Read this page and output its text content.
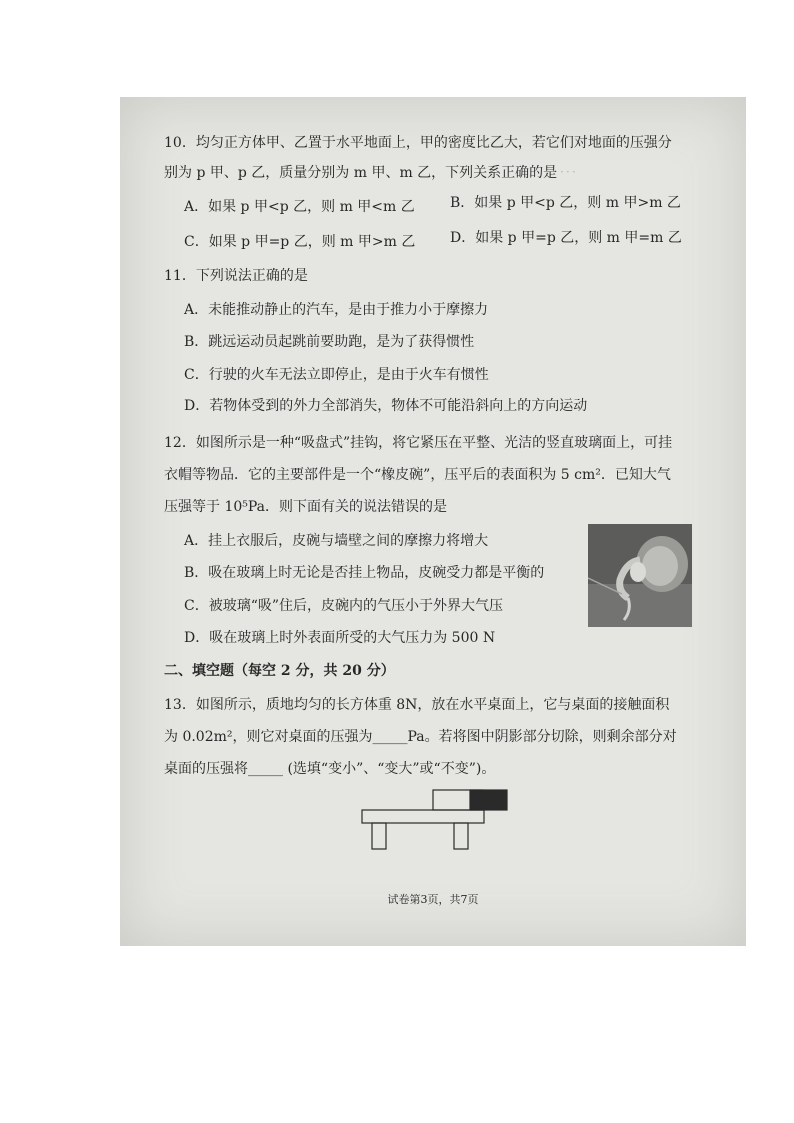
．．．
10．均匀正方体甲、乙置于水平地面上，甲的密度比乙大，若它们对地面的压强分
别为 p 甲、p 乙，质量分别为 m 甲、m 乙，下列关系正确的是
A．如果 p 甲<p 乙，则 m 甲<m 乙	B．如果 p 甲<p 乙，则 m 甲>m 乙
C．如果 p 甲=p 乙，则 m 甲>m 乙 D．如果 p 甲=p 乙，则 m 甲=m 乙
11．下列说法正确的是
A．未能推动静止的汽车，是由于推力小于摩擦力
B．跳远运动员起跳前要助跑，是为了获得惯性
C．行驶的火车无法立即停止，是由于火车有惯性
D．若物体受到的外力全部消失，物体不可能沿斜向上的方向运动
12．如图所示是一种“吸盘式”挂钩，将它紧压在平整、光洁的竖直玻璃面上，可挂
衣帽等物品．它的主要部件是一个“橡皮碗”，压平后的表面积为 5 cm²．已知大气
压强等于 10⁵Pa．则下面有关的说法错误的是
A．挂上衣服后，皮碗与墙壁之间的摩擦力将增大
B．吸在玻璃上时无论是否挂上物品，皮碗受力都是平衡的
C．被玻璃“吸”住后，皮碗内的气压小于外界大气压
D．吸在玻璃上时外表面所受的大气压力为 500 N
二、填空题（每空 2 分，共 20 分）
13．如图所示，质地均匀的长方体重 8N，放在水平桌面上，它与桌面的接触面积
为 0.02m²，则它对桌面的压强为_____Pa。若将图中阴影部分切除，则剩余部分对
桌面的压强将_____ (选填“变小”、“变大”或“不变”)。
试卷第3页，共7页
